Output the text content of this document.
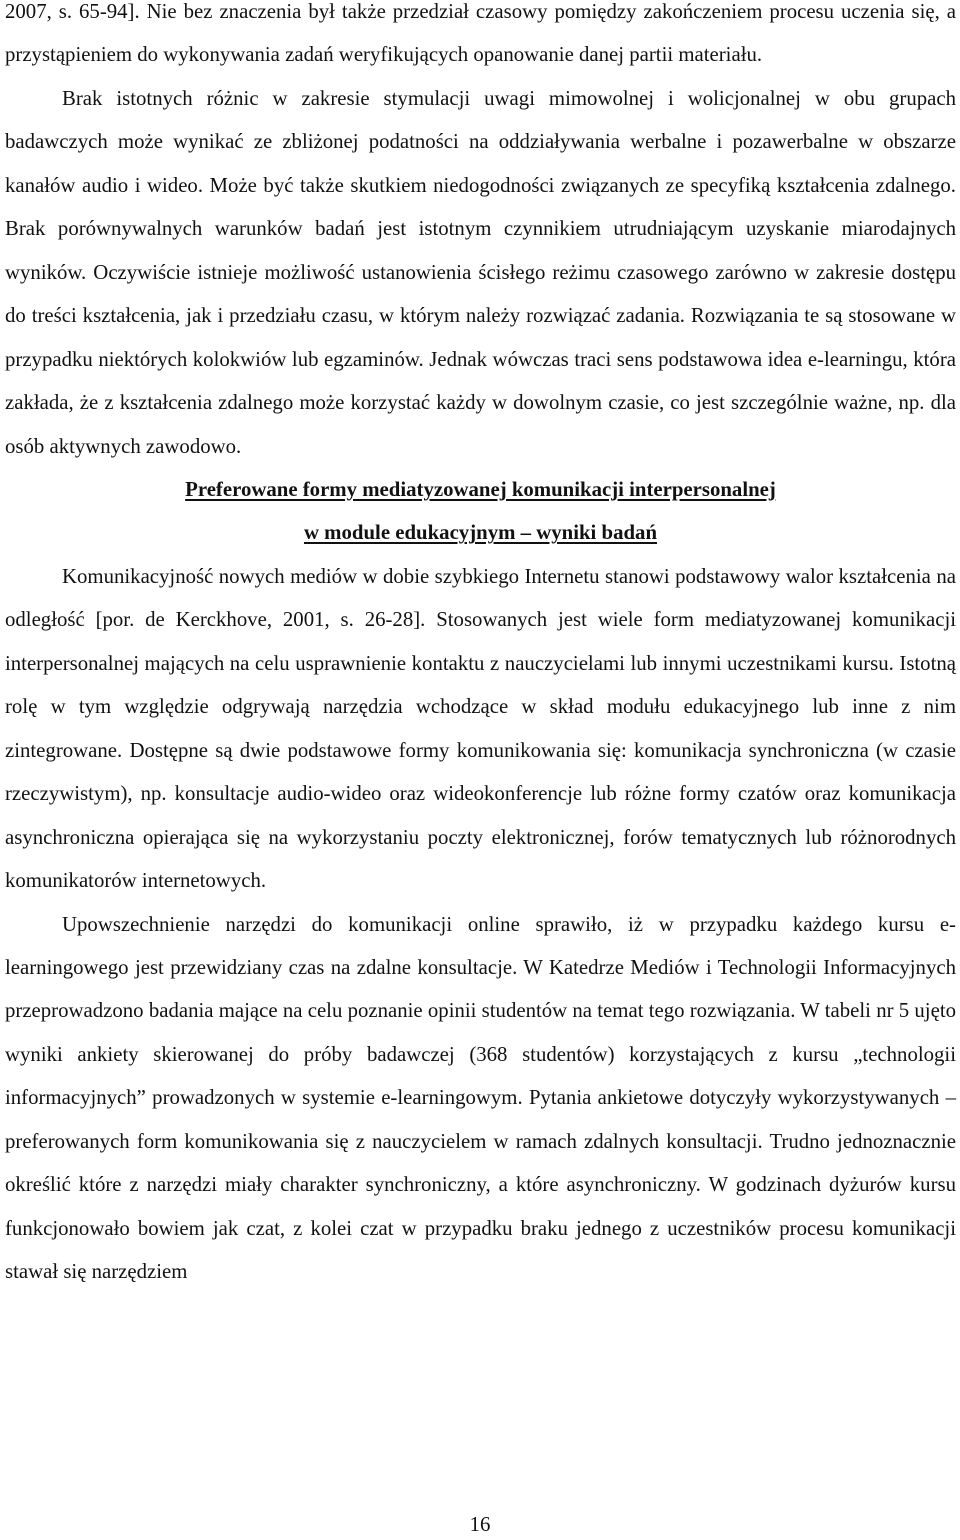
2007, s. 65-94]. Nie bez znaczenia był także przedział czasowy pomiędzy zakończeniem procesu uczenia się, a przystąpieniem do wykonywania zadań weryfikujących opanowanie danej partii materiału.

Brak istotnych różnic w zakresie stymulacji uwagi mimowolnej i wolicjonalnej w obu grupach badawczych może wynikać ze zbliżonej podatności na oddziaływania werbalne i pozawerbalne w obszarze kanałów audio i wideo. Może być także skutkiem niedogodności związanych ze specyfiką kształcenia zdalnego. Brak porównywalnych warunków badań jest istotnym czynnikiem utrudniającym uzyskanie miarodajnych wyników. Oczywiście istnieje możliwość ustanowienia ścisłego reżimu czasowego zarówno w zakresie dostępu do treści kształcenia, jak i przedziału czasu, w którym należy rozwiązać zadania. Rozwiązania te są stosowane w przypadku niektórych kolokwiów lub egzaminów. Jednak wówczas traci sens podstawowa idea e-learningu, która zakłada, że z kształcenia zdalnego może korzystać każdy w dowolnym czasie, co jest szczególnie ważne, np. dla osób aktywnych zawodowo.

Preferowane formy mediatyzowanej komunikacji interpersonalnej

w module edukacyjnym – wyniki badań

Komunikacyjność nowych mediów w dobie szybkiego Internetu stanowi podstawowy walor kształcenia na odległość [por. de Kerckhove, 2001, s. 26-28]. Stosowanych jest wiele form mediatyzowanej komunikacji interpersonalnej mających na celu usprawnienie kontaktu z nauczycielami lub innymi uczestnikami kursu. Istotną rolę w tym względzie odgrywają narzędzia wchodzące w skład modułu edukacyjnego lub inne z nim zintegrowane. Dostępne są dwie podstawowe formy komunikowania się: komunikacja synchroniczna (w czasie rzeczywistym), np. konsultacje audio-wideo oraz wideokonferencje lub różne formy czatów oraz komunikacja asynchroniczna opierająca się na wykorzystaniu poczty elektronicznej, forów tematycznych lub różnorodnych komunikatorów internetowych.

Upowszechnienie narzędzi do komunikacji online sprawiło, iż w przypadku każdego kursu e-learningowego jest przewidziany czas na zdalne konsultacje. W Katedrze Mediów i Technologii Informacyjnych przeprowadzono badania mające na celu poznanie opinii studentów na temat tego rozwiązania. W tabeli nr 5 ujęto wyniki ankiety skierowanej do próby badawczej (368 studentów) korzystających z kursu „technologii informacyjnych” prowadzonych w systemie e-learningowym. Pytania ankietowe dotyczyły wykorzystywanych – preferowanych form komunikowania się z nauczycielem w ramach zdalnych konsultacji. Trudno jednoznacznie określić które z narzędzi miały charakter synchroniczny, a które asynchroniczny. W godzinach dyżurów kursu funkcjonowało bowiem jak czat, z kolei czat w przypadku braku jednego z uczestników procesu komunikacji stawał się narzędziem

16
